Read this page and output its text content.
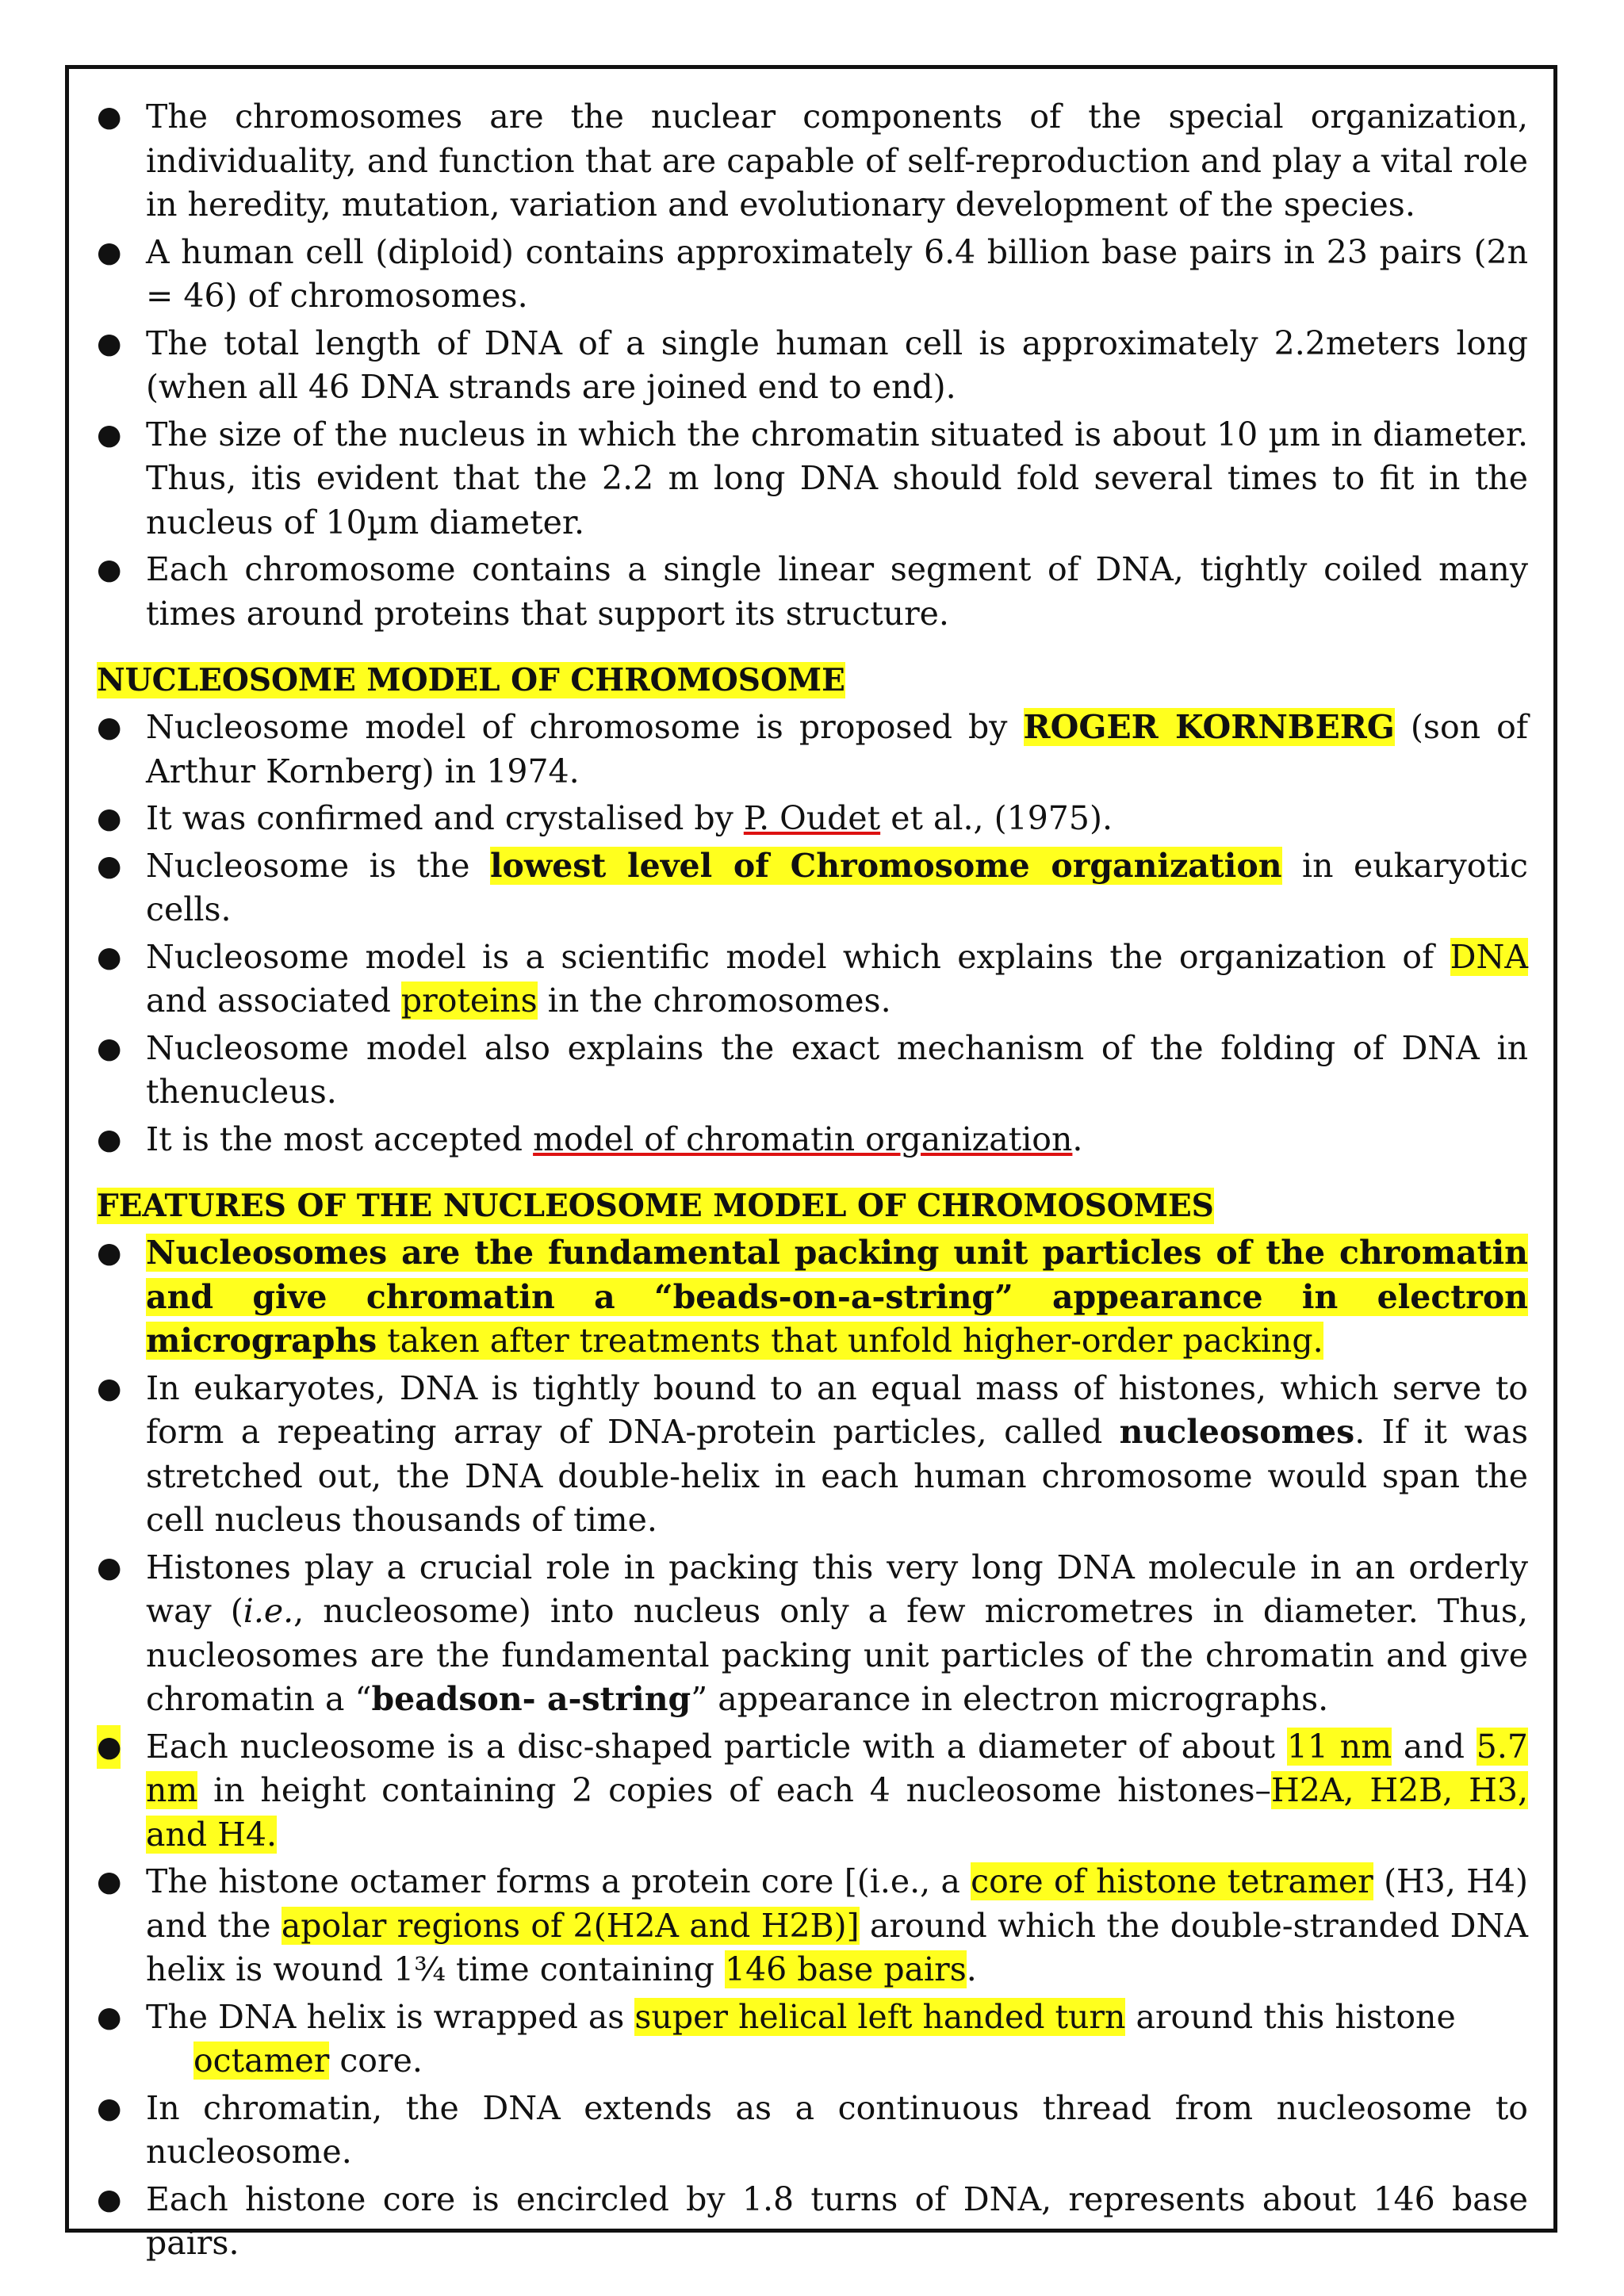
● The chromosomes are the nuclear components of the special organization, individuality, and function that are capable of self-reproduction and play a vital role in heredity, mutation, variation and evolutionary development of the species.
● A human cell (diploid) contains approximately 6.4 billion base pairs in 23 pairs (2n = 46) of chromosomes.
● The total length of DNA of a single human cell is approximately 2.2meters long (when all 46 DNA strands are joined end to end).
● The size of the nucleus in which the chromatin situated is about 10 µm in diameter. Thus, itis evident that the 2.2 m long DNA should fold several times to fit in the nucleus of 10µm diameter.
● Each chromosome contains a single linear segment of DNA, tightly coiled many times around proteins that support its structure.
NUCLEOSOME MODEL OF CHROMOSOME
● Nucleosome model of chromosome is proposed by ROGER KORNBERG (son of Arthur Kornberg) in 1974.
● It was confirmed and crystalised by P. Oudet et al., (1975).
● Nucleosome is the lowest level of Chromosome organization in eukaryotic cells.
● Nucleosome model is a scientific model which explains the organization of DNA and associated proteins in the chromosomes.
● Nucleosome model also explains the exact mechanism of the folding of DNA in thenucleus.
● It is the most accepted model of chromatin organization.
FEATURES OF THE NUCLEOSOME MODEL OF CHROMOSOMES
● Nucleosomes are the fundamental packing unit particles of the chromatin and give chromatin a “beads-on-a-string” appearance in electron micrographs taken after treatments that unfold higher-order packing.
● In eukaryotes, DNA is tightly bound to an equal mass of histones, which serve to form a repeating array of DNA-protein particles, called nucleosomes. If it was stretched out, the DNA double-helix in each human chromosome would span the cell nucleus thousands of time.
● Histones play a crucial role in packing this very long DNA molecule in an orderly way (i.e., nucleosome) into nucleus only a few micrometres in diameter. Thus, nucleosomes are the fundamental packing unit particles of the chromatin and give chromatin a “beadson- a-string” appearance in electron micrographs.
● Each nucleosome is a disc-shaped particle with a diameter of about 11 nm and 5.7 nm in height containing 2 copies of each 4 nucleosome histones–H2A, H2B, H3, and H4.
● The histone octamer forms a protein core [(i.e., a core of histone tetramer (H3, H4) and the apolar regions of 2(H2A and H2B)] around which the double-stranded DNA helix is wound 1¾ time containing 146 base pairs.
● The DNA helix is wrapped as super helical left handed turn around this histone octamer core.
● In chromatin, the DNA extends as a continuous thread from nucleosome to nucleosome.
● Each histone core is encircled by 1.8 turns of DNA, represents about 146 base pairs.
